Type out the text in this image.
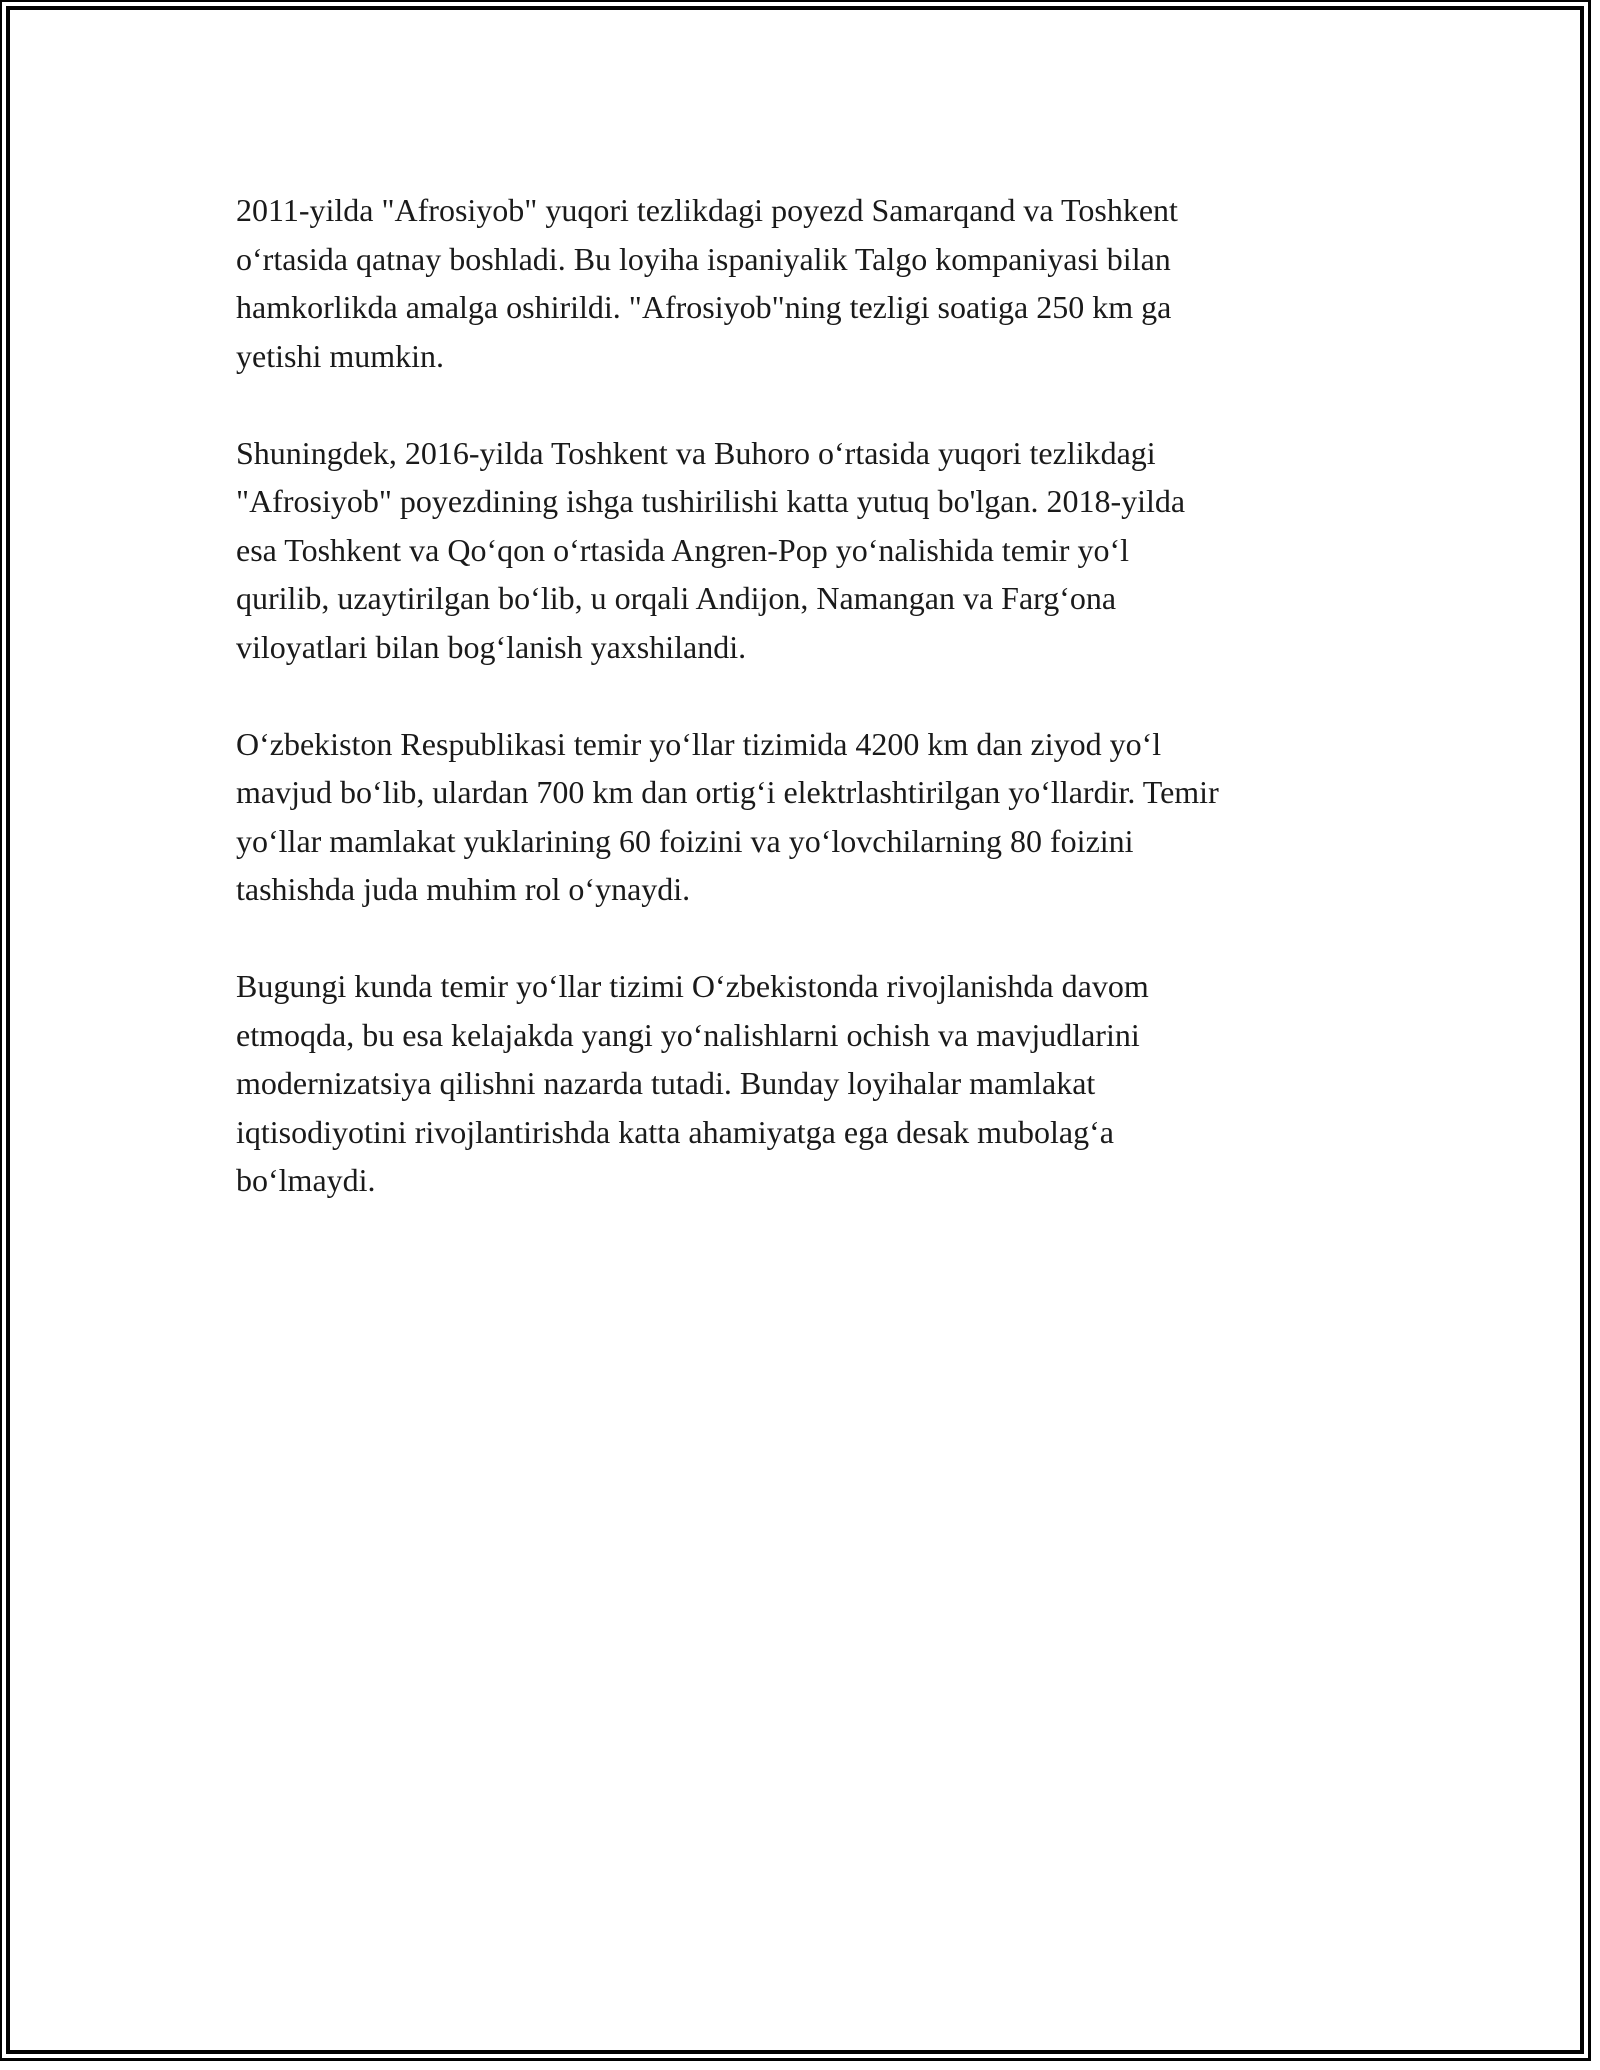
2011-yilda "Afrosiyob" yuqori tezlikdagi poyezd Samarqand va Toshkent
o‘rtasida qatnay boshladi. Bu loyiha ispaniyalik Talgo kompaniyasi bilan
hamkorlikda amalga oshirildi. "Afrosiyob"ning tezligi soatiga 250 km ga
yetishi mumkin.

Shuningdek, 2016-yilda Toshkent va Buhoro o‘rtasida yuqori tezlikdagi
"Afrosiyob" poyezdining ishga tushirilishi katta yutuq bo'lgan. 2018-yilda
esa Toshkent va Qo‘qon o‘rtasida Angren-Pop yo‘nalishida temir yo‘l
qurilib, uzaytirilgan bo‘lib, u orqali Andijon, Namangan va Farg‘ona
viloyatlari bilan bog‘lanish yaxshilandi.

O‘zbekiston Respublikasi temir yo‘llar tizimida 4200 km dan ziyod yo‘l
mavjud bo‘lib, ulardan 700 km dan ortig‘i elektrlashtirilgan yo‘llardir. Temir
yo‘llar mamlakat yuklarining 60 foizini va yo‘lovchilarning 80 foizini
tashishda juda muhim rol o‘ynaydi.

Bugungi kunda temir yo‘llar tizimi O‘zbekistonda rivojlanishda davom
etmoqda, bu esa kelajakda yangi yo‘nalishlarni ochish va mavjudlarini
modernizatsiya qilishni nazarda tutadi. Bunday loyihalar mamlakat
iqtisodiyotini rivojlantirishda katta ahamiyatga ega desak mubolag‘a
bo‘lmaydi.
